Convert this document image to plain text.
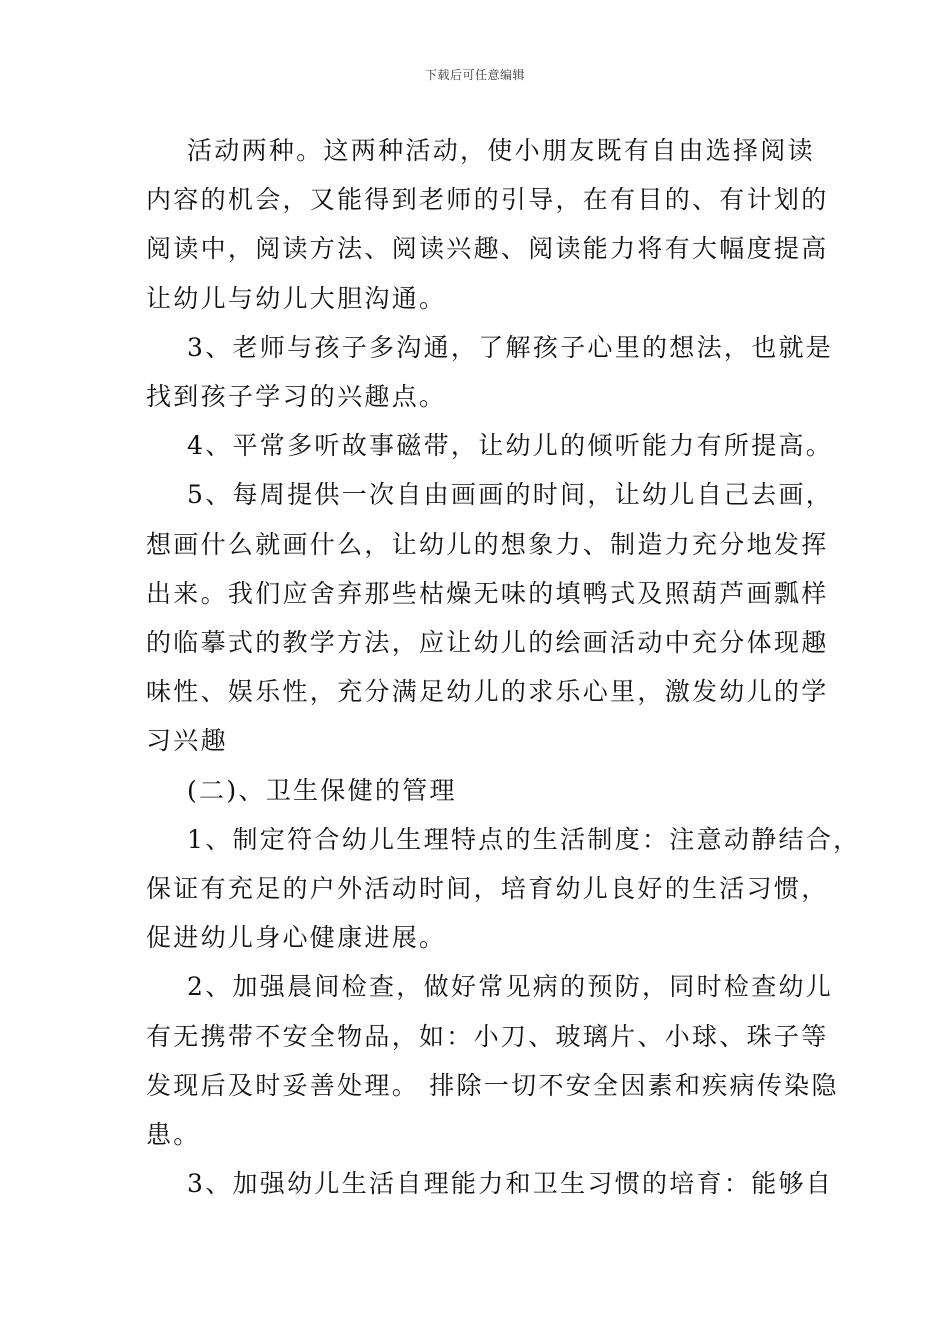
下载后可任意编辑

活动两种。这两种活动，使小朋友既有自由选择阅读

内容的机会，又能得到老师的引导，在有目的、有计划的

阅读中，阅读方法、阅读兴趣、阅读能力将有大幅度提高

让幼儿与幼儿大胆沟通。

3、老师与孩子多沟通，了解孩子心里的想法，也就是

找到孩子学习的兴趣点。

4、平常多听故事磁带，让幼儿的倾听能力有所提高。

5、每周提供一次自由画画的时间，让幼儿自己去画，

想画什么就画什么，让幼儿的想象力、制造力充分地发挥

出来。我们应舍弃那些枯燥无味的填鸭式及照葫芦画瓢样

的临摹式的教学方法，应让幼儿的绘画活动中充分体现趣

味性、娱乐性，充分满足幼儿的求乐心里，激发幼儿的学

习兴趣

(二)、卫生保健的管理

1、制定符合幼儿生理特点的生活制度：注意动静结合，

保证有充足的户外活动时间，培育幼儿良好的生活习惯，

促进幼儿身心健康进展。

2、加强晨间检查，做好常见病的预防，同时检查幼儿

有无携带不安全物品，如：小刀、玻璃片、小球、珠子等

发现后及时妥善处理。 排除一切不安全因素和疾病传染隐

患。

3、加强幼儿生活自理能力和卫生习惯的培育：能够自
